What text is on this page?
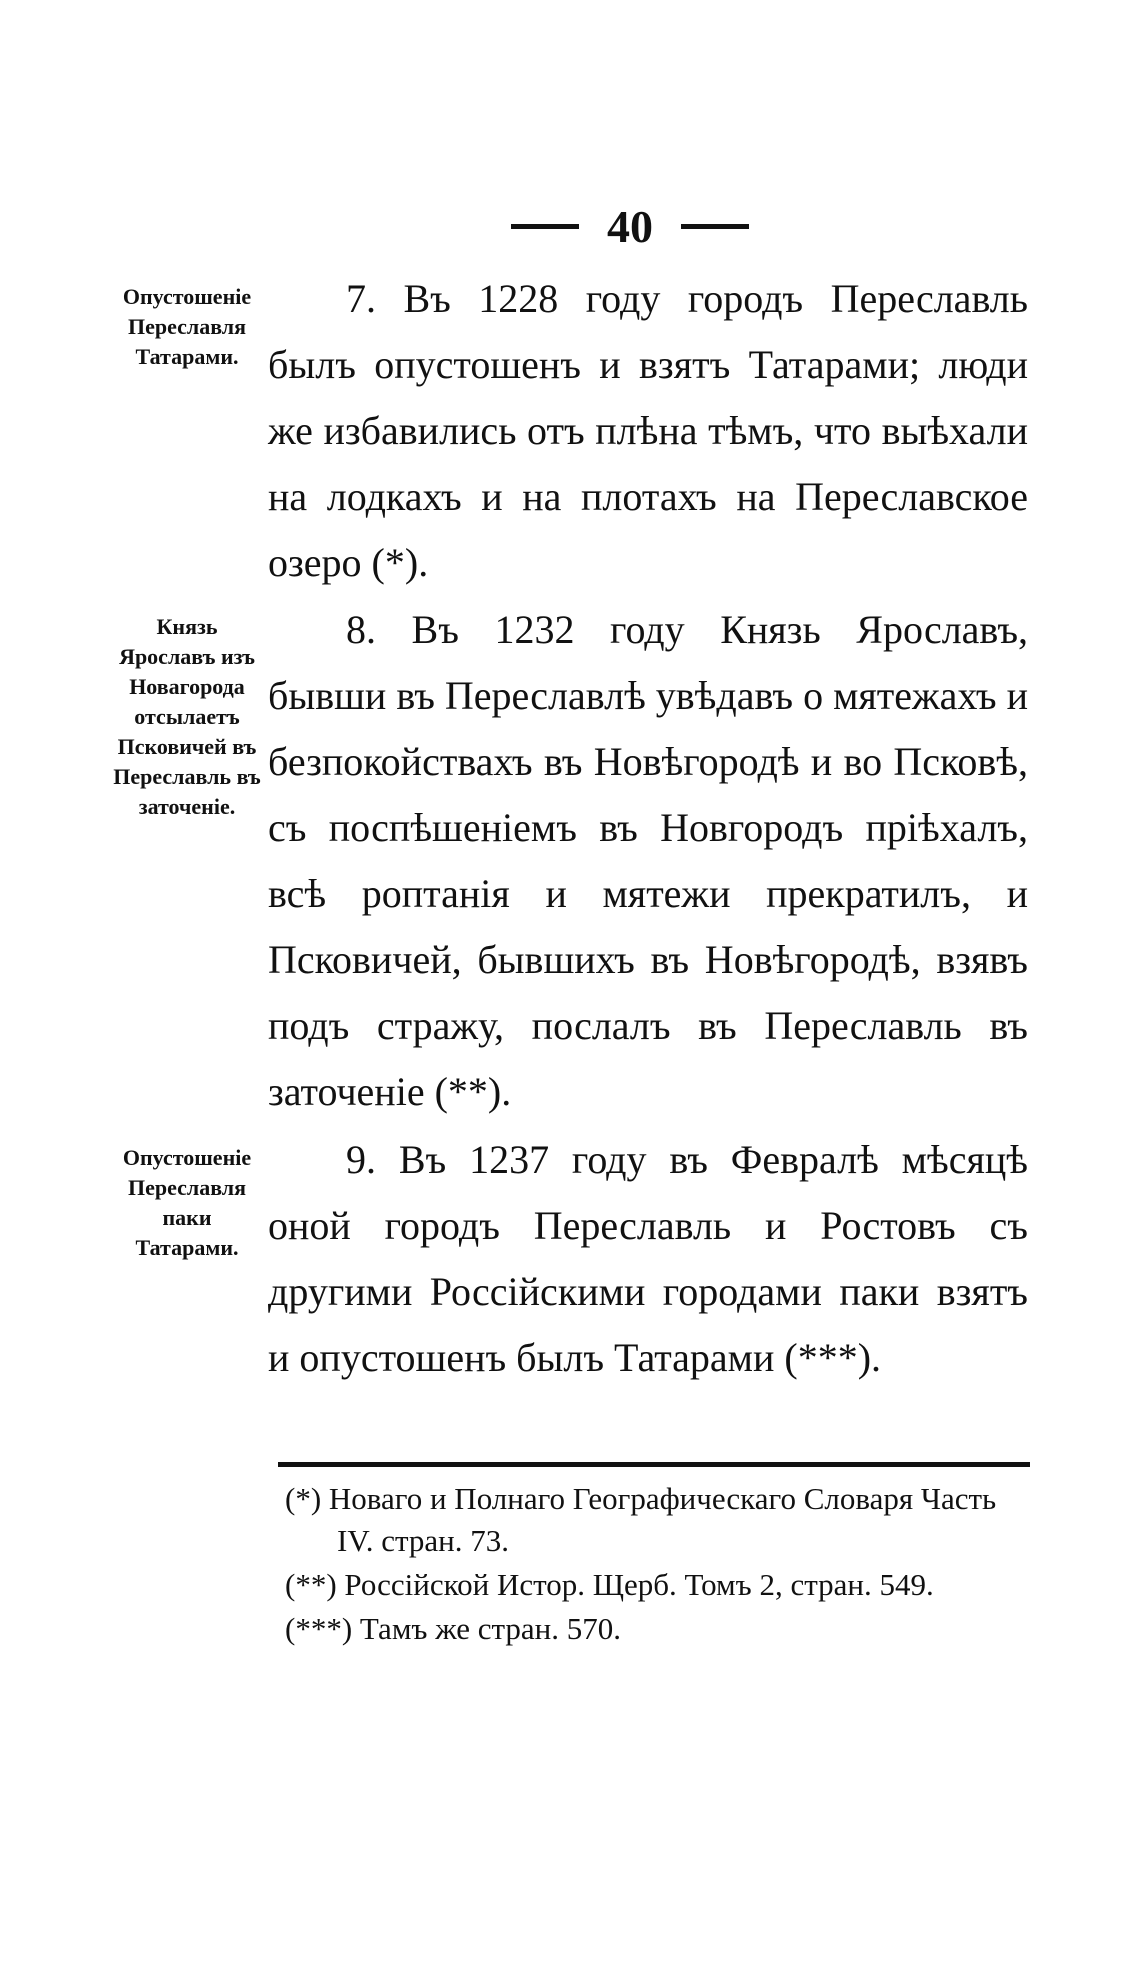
40
Опустошеніе Переславля Татарами.
7. Въ 1228 году городъ Переславль былъ опустошенъ и взятъ Татарами; люди же избавились отъ плѣна тѣмъ, что выѣхали на лодкахъ и на плотахъ на Переславское озеро (*).
Князь Ярославъ изъ Новагорода отсылаетъ Псковичей въ Переславль въ заточеніе.
8. Въ 1232 году Князь Ярославъ, бывши въ Переславлѣ увѣдавъ о мятежахъ и безпокойствахъ въ Новѣгородѣ и во Псковѣ, съ поспѣшеніемъ въ Новгородъ пріѣхалъ, всѣ роптанія и мятежи прекратилъ, и Псковичей, бывшихъ въ Новѣгородѣ, взявъ подъ стражу, послалъ въ Переславль въ заточеніе (**).
Опустошеніе Переславля паки Татарами.
9. Въ 1237 году въ Февралѣ мѣсяцѣ оной городъ Переславль и Ростовъ съ другими Россійскими городами паки взятъ и опустошенъ былъ Татарами (***).

(*) Новаго и Полнаго Географическаго Словаря Часть IV. стран. 73.

(**) Россійской Истор. Щерб. Томъ 2, стран. 549.

(***) Тамъ же стран. 570.
